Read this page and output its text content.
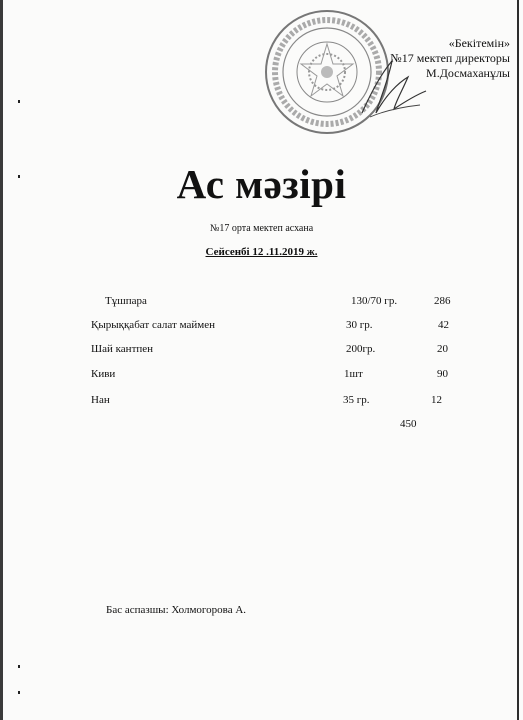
«Бекітемін»
№17 мектеп директоры
М.Досмаханұлы
Ас мәзірі
№17 орта мектеп асхана
Сейсенбі 12 .11.2019 ж.
Тұшпара	130/70 гр.	286
Қырыққабат салат маймен	30 гр.	42
Шай кантпен	200гр.	20
Киви	1шт	90
Нан	35 гр.	12
450
Бас аспазшы: Холмогорова А.
